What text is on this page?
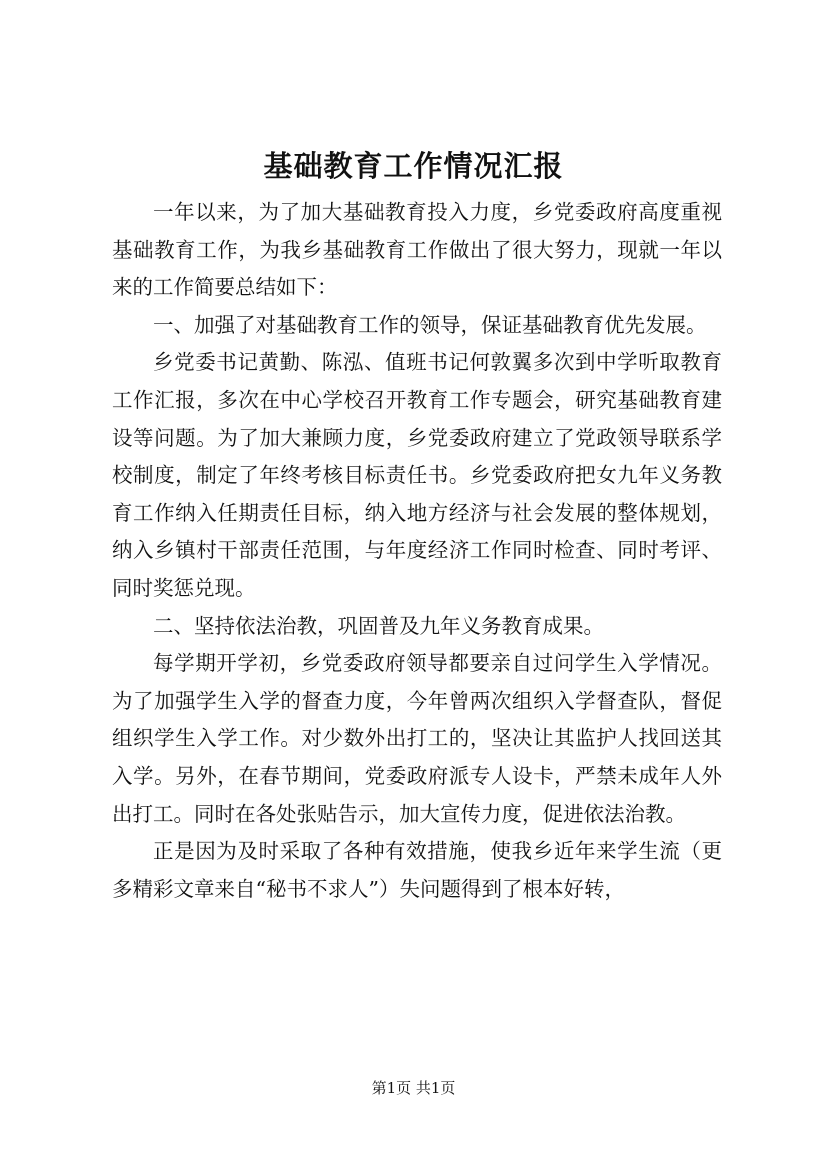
基础教育工作情况汇报

一年以来，为了加大基础教育投入力度，乡党委政府高度重视基础教育工作，为我乡基础教育工作做出了很大努力，现就一年以来的工作简要总结如下：

一、加强了对基础教育工作的领导，保证基础教育优先发展。

乡党委书记黄勤、陈泓、值班书记何敦翼多次到中学听取教育工作汇报，多次在中心学校召开教育工作专题会，研究基础教育建设等问题。为了加大兼顾力度，乡党委政府建立了党政领导联系学校制度，制定了年终考核目标责任书。乡党委政府把女九年义务教育工作纳入任期责任目标，纳入地方经济与社会发展的整体规划，纳入乡镇村干部责任范围，与年度经济工作同时检查、同时考评、同时奖惩兑现。

二、坚持依法治教，巩固普及九年义务教育成果。

每学期开学初，乡党委政府领导都要亲自过问学生入学情况。为了加强学生入学的督查力度，今年曾两次组织入学督查队，督促组织学生入学工作。对少数外出打工的，坚决让其监护人找回送其入学。另外，在春节期间，党委政府派专人设卡，严禁未成年人外出打工。同时在各处张贴告示，加大宣传力度，促进依法治教。

正是因为及时采取了各种有效措施，使我乡近年来学生流（更多精彩文章来自“秘书不求人”）失问题得到了根本好转，

第1页 共1页
